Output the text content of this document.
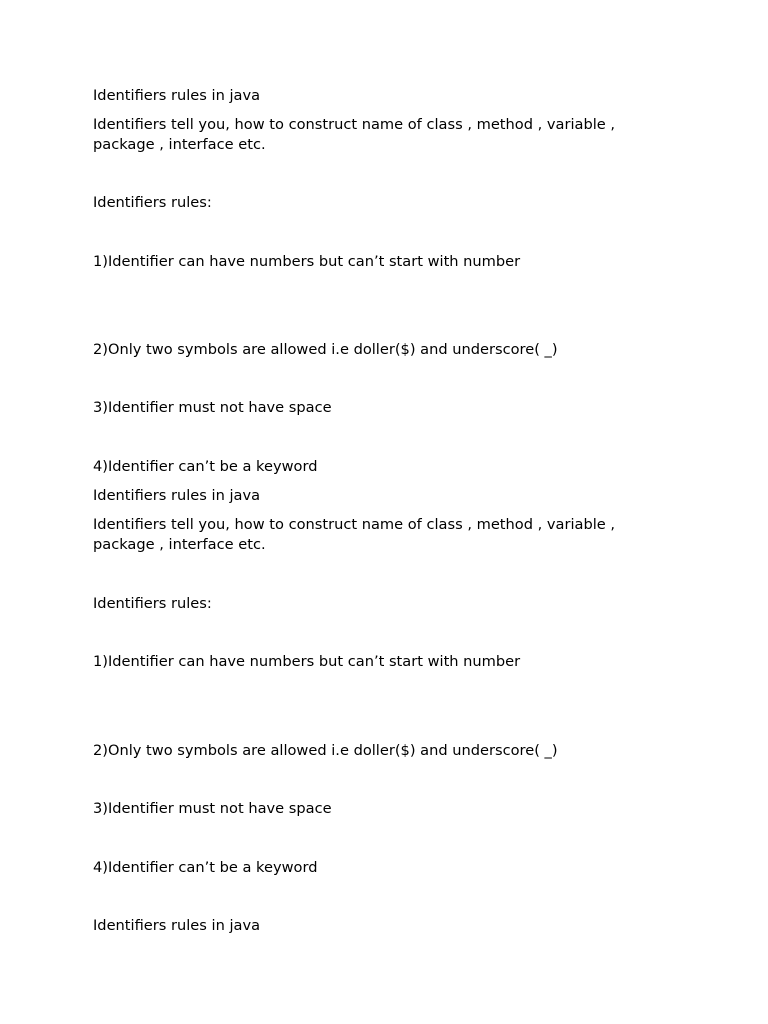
Identifiers rules in java

Identifiers tell you, how to construct name of class , method , variable , package , interface etc.

Identifiers rules:

1)Identifier can have numbers but can’t start with number

2)Only two symbols are allowed i.e doller($) and underscore( _)

3)Identifier must not have space

4)Identifier can’t be a keyword

Identifiers rules in java

Identifiers tell you, how to construct name of class , method , variable , package , interface etc.

Identifiers rules:

1)Identifier can have numbers but can’t start with number

2)Only two symbols are allowed i.e doller($) and underscore( _)

3)Identifier must not have space

4)Identifier can’t be a keyword

Identifiers rules in java
